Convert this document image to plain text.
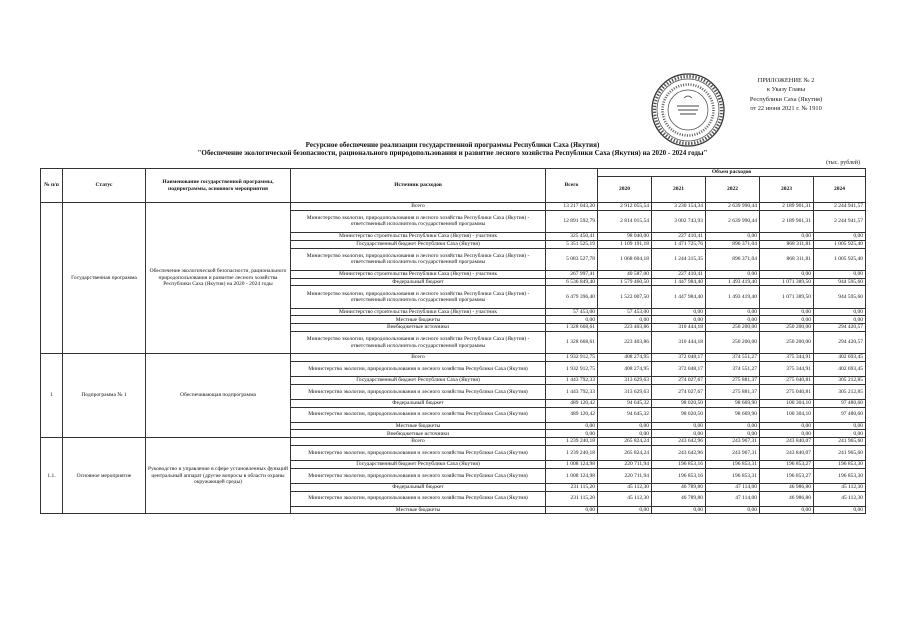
ПРИЛОЖЕНИЕ № 2
к Указу Главы
Республики Саха (Якутия)
от 22 июня 2021 г. № 1910
Ресурсное обеспечение реализации государственной программы Республики Саха (Якутия)
"Обеспечение экологической безопасности, рационального природопользования и развитие лесного хозяйства Республики Саха (Якутия) на 2020 - 2024 годы"
(тыс. рублей)
№ п/п	Статус	Наименование государственной программы, подпрограммы, основного мероприятия	Источник расходов	Всего	Объем расходов				
					2020	2021	2022	2023	2024
	Государственная программа	Обеспечение экологической безопасности, рационального природопользования и развитие лесного хозяйства Республики Саха (Якутия) на 2020 - 2024 годы	Всего	13 217 043,20	2 912 055,54	3 230 154,34	2 639 990,44	2 189 901,31	2 244 941,57
			Министерство экологии, природопользования и лесного хозяйства Республики Саха (Якутия) - ответственный исполнитель государственной программы	12 891 592,79	2 814 015,54	3 002 743,93	2 639 990,44	2 189 901,31	2 244 941,57
			Министерство строительства Республики Саха (Якутия) - участник	325 450,41	98 040,00	227 410,41	0,00	0,00	0,00
			Государственный бюджет Республики Саха (Якутия)	5 351 525,19	1 109 191,18	1 471 725,76	896 371,04	868 311,81	1 005 925,40
			Министерство экологии, природопользования и лесного хозяйства Республики Саха (Якутия) - ответственный исполнитель государственной программы	5 083 527,78	1 068 604,18	1 244 315,35	896 371,04	868 311,81	1 005 925,40
			Министерство строительства Республики Саха (Якутия) - участник	267 997,41	40 587,00	227 410,41	0,00	0,00	0,00
			Федеральный бюджет	6 536 849,40	1 579 460,50	1 447 984,40	1 493 419,40	1 071 389,50	944 595,60
			Министерство экологии, природопользования и лесного хозяйства Республики Саха (Якутия) - ответственный исполнитель государственной программы	6 479 396,40	1 522 007,50	1 447 984,40	1 493 419,40	1 071 389,50	944 595,60
			Министерство строительства Республики Саха (Якутия) - участник	57 453,00	57 453,00	0,00	0,00	0,00	0,00
			Местные бюджеты	0,00	0,00	0,00	0,00	0,00	0,00
			Внебюджетные источники	1 328 668,61	223 403,86	310 444,18	250 200,00	250 200,00	294 420,57
			Министерство экологии, природопользования и лесного хозяйства Республики Саха (Якутия) - ответственный исполнитель государственной программы	1 328 668,61	223 403,86	310 444,18	250 200,00	250 200,00	294 420,57
1	Подпрограмма № 1	Обеспечивающая подпрограмма	Всего	1 932 912,75	408 274,95	372 048,17	374 551,27	375 344,91	402 693,45
			Министерство экологии, природопользования и лесного хозяйства Республики Саха (Якутия)	1 932 912,75	408 274,95	372 048,17	374 551,27	375 344,91	402 693,45
			Государственный бюджет Республики Саха (Якутия)	1 443 792,33	313 629,63	274 027,67	275 881,37	275 040,81	305 212,85
			Министерство экологии, природопользования и лесного хозяйства Республики Саха (Якутия)	1 443 792,33	313 629,63	274 027,67	275 881,37	275 040,81	305 212,85
			Федеральный бюджет	489 120,42	94 645,32	98 020,50	98 669,90	100 304,10	97 480,60
			Министерство экологии, природопользования и лесного хозяйства Республики Саха (Якутия)	489 120,42	94 645,32	98 020,50	98 669,90	100 304,10	97 480,60
			Местные бюджеты	0,00	0,00	0,00	0,00	0,00	0,00
			Внебюджетные источники	0,00	0,00	0,00	0,00	0,00	0,00
1.1.	Основное мероприятие	Руководство и управление в сфере установленных функций центральный аппарат (другие вопросы в области охраны окружающей среды)	Всего	1 239 240,18	265 824,24	243 642,96	243 967,31	243 840,07	241 965,60
			Министерство экологии, природопользования и лесного хозяйства Республики Саха (Якутия)	1 239 240,18	265 824,24	243 642,96	243 967,31	243 840,07	241 965,60
			Государственный бюджет Республики Саха (Якутия)	1 008 124,98	220 711,94	196 853,16	196 853,31	196 853,27	196 853,30
			Министерство экологии, природопользования и лесного хозяйства Республики Саха (Якутия)	1 008 124,98	220 711,94	196 853,16	196 853,31	196 853,27	196 853,30
			Федеральный бюджет	231 115,20	45 112,30	46 789,80	47 114,00	46 986,80	45 112,30
			Министерство экологии, природопользования и лесного хозяйства Республики Саха (Якутия)	231 115,20	45 112,30	46 789,80	47 114,00	46 986,80	45 112,30
			Местные бюджеты	0,00	0,00	0,00	0,00	0,00	0,00
